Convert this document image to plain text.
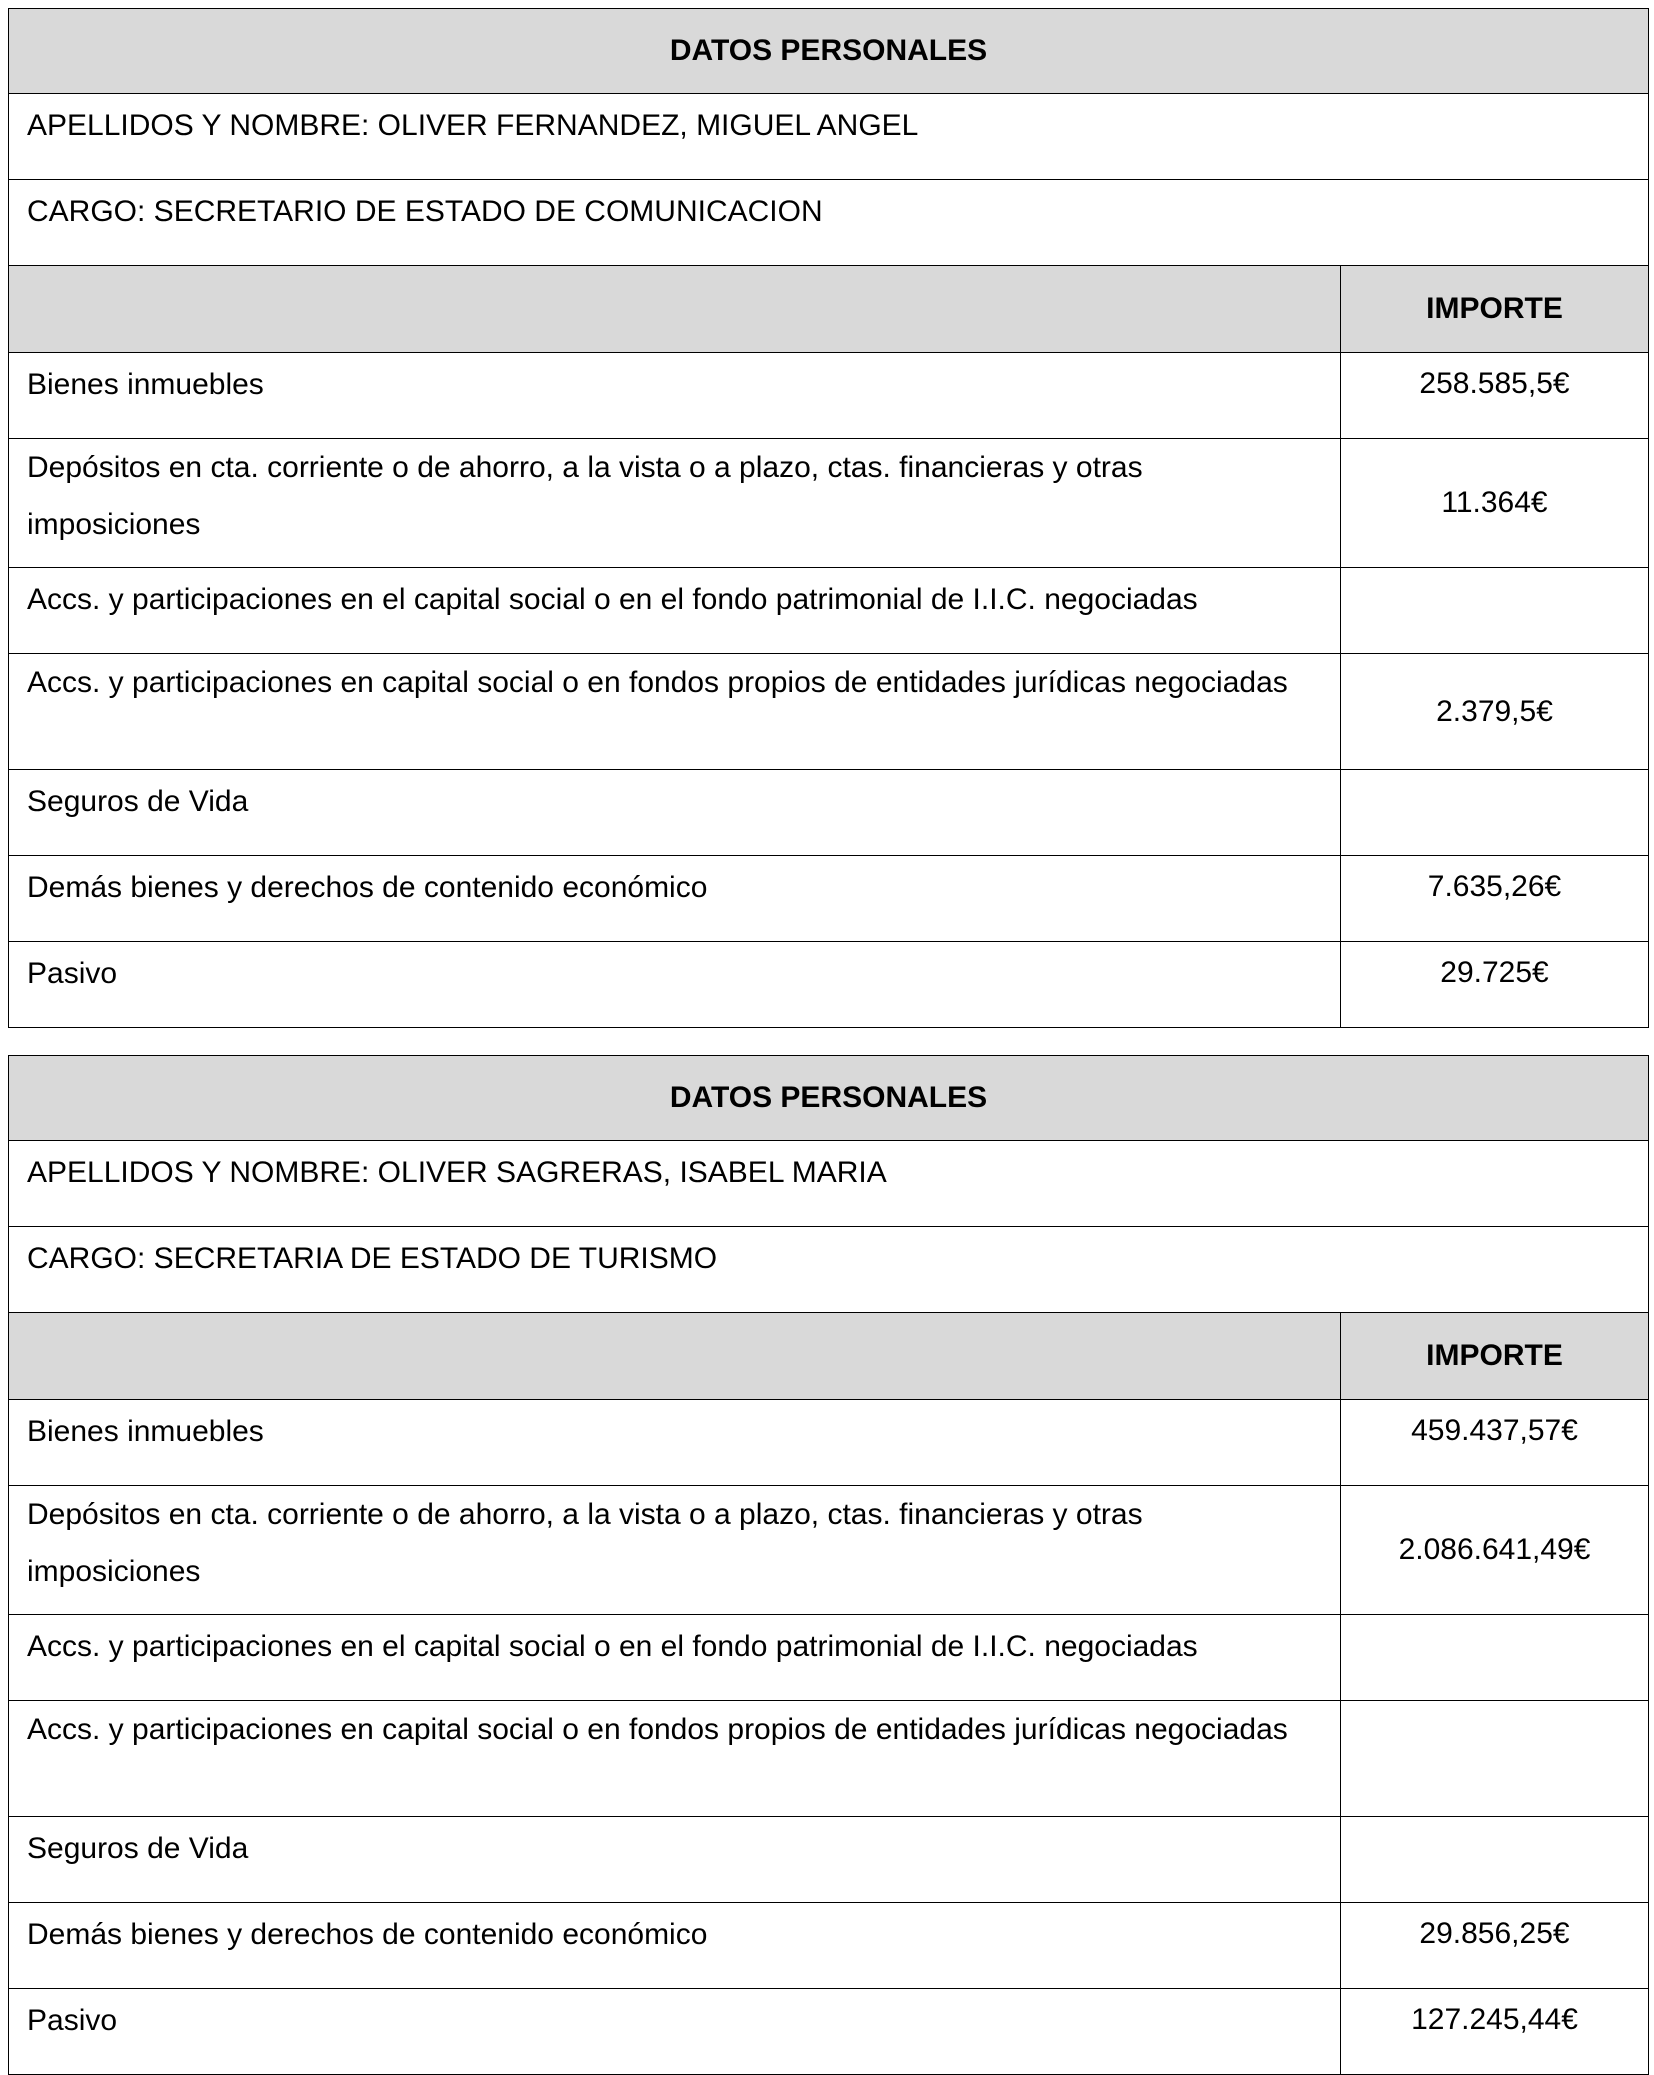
DATOS PERSONALES	
APELLIDOS Y NOMBRE: OLIVER FERNANDEZ, MIGUEL ANGEL	
CARGO: SECRETARIO DE ESTADO DE COMUNICACION	
	IMPORTE
Bienes inmuebles	258.585,5€

Depósitos en cta. corriente o de ahorro, a la vista o a plazo, ctas. financieras y otras imposiciones	11.364€
Accs. y participaciones en el capital social o en el fondo patrimonial de I.I.C. negociadas	

Accs. y participaciones en capital social o en fondos propios de entidades jurídicas negociadas	2.379,5€
Seguros de Vida	
Demás bienes y derechos de contenido económico	7.635,26€
Pasivo	29.725€
DATOS PERSONALES	
APELLIDOS Y NOMBRE: OLIVER SAGRERAS, ISABEL MARIA	
CARGO: SECRETARIA DE ESTADO DE TURISMO	
	IMPORTE
Bienes inmuebles	459.437,57€

Depósitos en cta. corriente o de ahorro, a la vista o a plazo, ctas. financieras y otras imposiciones	2.086.641,49€
Accs. y participaciones en el capital social o en el fondo patrimonial de I.I.C. negociadas	

Accs. y participaciones en capital social o en fondos propios de entidades jurídicas negociadas	

Seguros de Vida	
Demás bienes y derechos de contenido económico	29.856,25€
Pasivo	127.245,44€
